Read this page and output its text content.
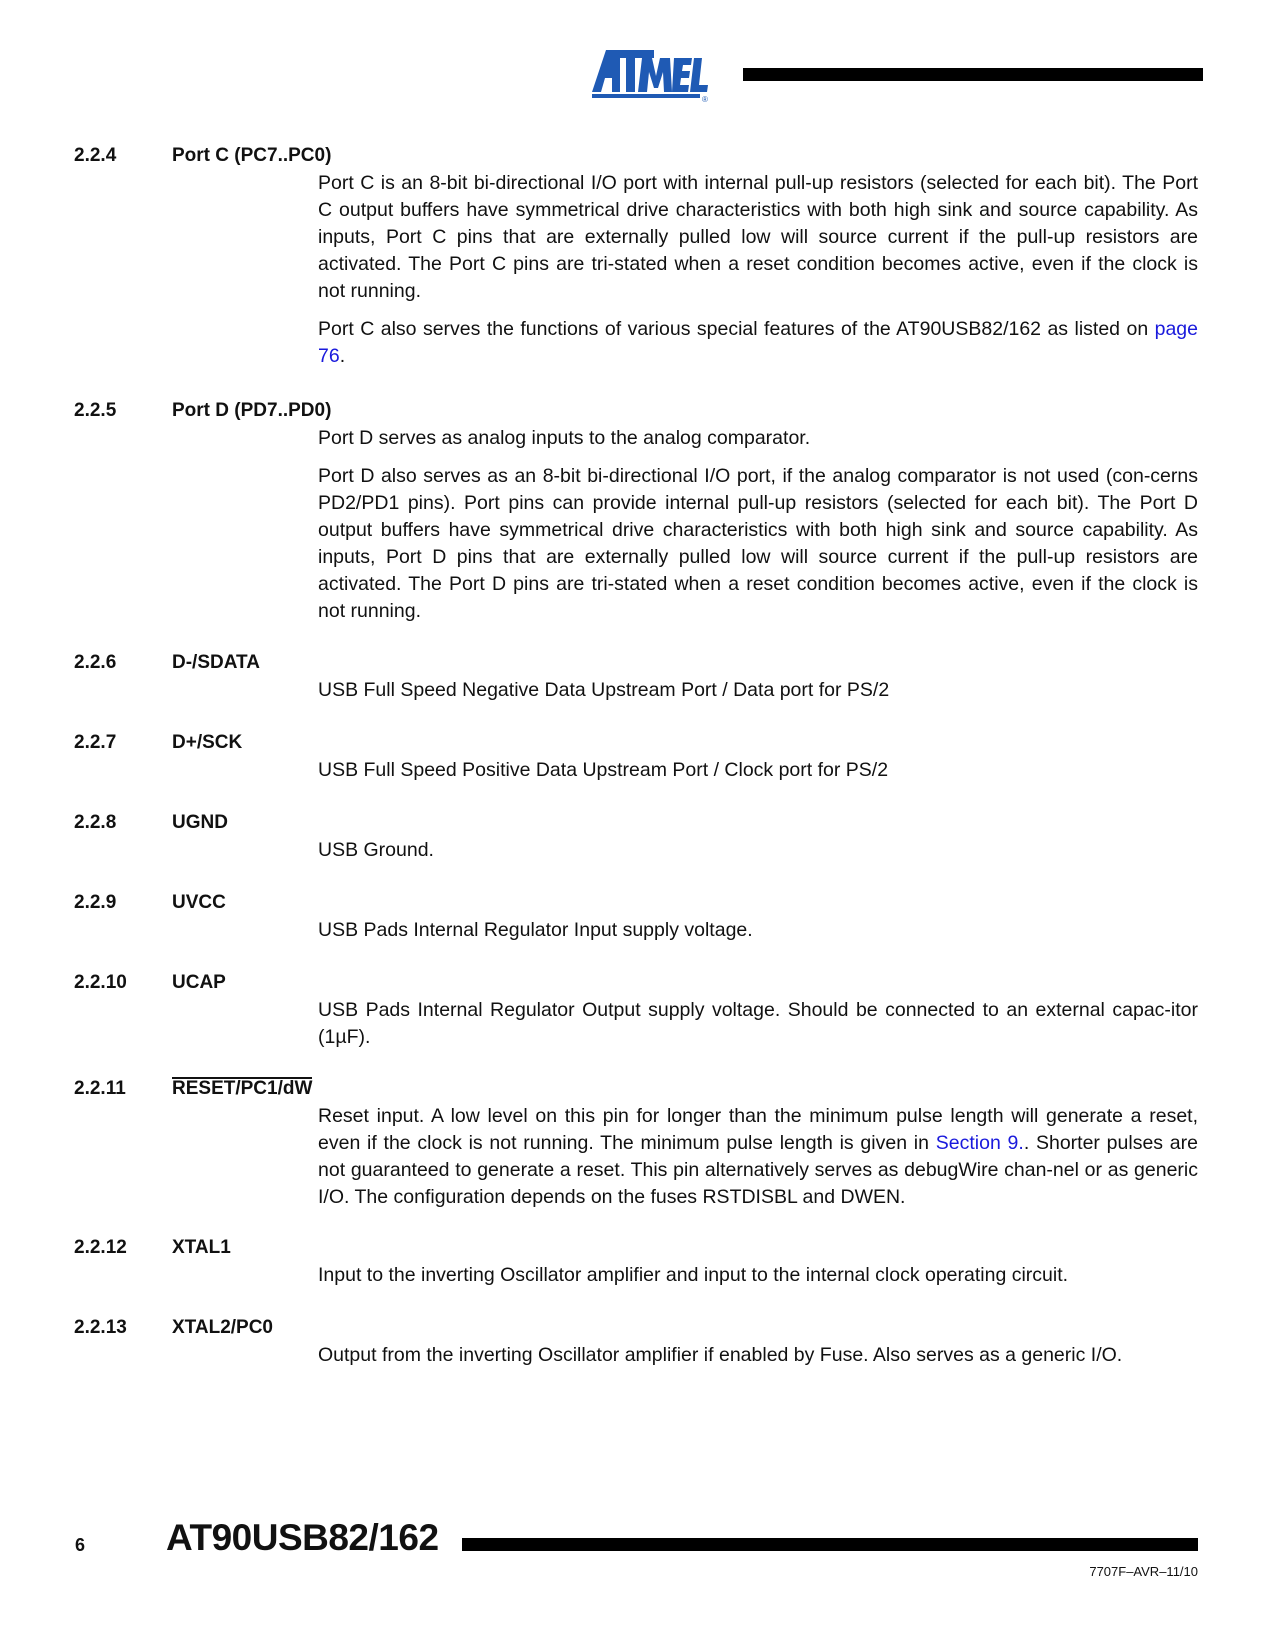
®
2.2.4	Port C (PC7..PC0)

Port C is an 8-bit bi-directional I/O port with internal pull-up resistors (selected for each bit). The Port C output buffers have symmetrical drive characteristics with both high sink and source capability. As inputs, Port C pins that are externally pulled low will source current if the pull-up resistors are activated. The Port C pins are tri-stated when a reset condition becomes active, even if the clock is not running.

Port C also serves the functions of various special features of the AT90USB82/162 as listed on page 76.

2.2.5	Port D (PD7..PD0)

Port D serves as analog inputs to the analog comparator.

Port D also serves as an 8-bit bi-directional I/O port, if the analog comparator is not used (con-cerns PD2/PD1 pins). Port pins can provide internal pull-up resistors (selected for each bit). The Port D output buffers have symmetrical drive characteristics with both high sink and source capability. As inputs, Port D pins that are externally pulled low will source current if the pull-up resistors are activated. The Port D pins are tri-stated when a reset condition becomes active, even if the clock is not running.

2.2.6	D-/SDATA

USB Full Speed Negative Data Upstream Port / Data port for PS/2

2.2.7	D+/SCK

USB Full Speed Positive Data Upstream Port / Clock port for PS/2

2.2.8	UGND

USB Ground.

2.2.9	UVCC

USB Pads Internal Regulator Input supply voltage.

2.2.10 UCAP

USB Pads Internal Regulator Output supply voltage. Should be connected to an external capac-itor (1µF).

2.2.11 RESET/PC1/dW

Reset input. A low level on this pin for longer than the minimum pulse length will generate a reset, even if the clock is not running. The minimum pulse length is given in Section 9.. Shorter pulses are not guaranteed to generate a reset. This pin alternatively serves as debugWire chan-nel or as generic I/O. The configuration depends on the fuses RSTDISBL and DWEN.

2.2.12 XTAL1

Input to the inverting Oscillator amplifier and input to the internal clock operating circuit.

2.2.13 XTAL2/PC0

Output from the inverting Oscillator amplifier if enabled by Fuse. Also serves as a generic I/O.

6 AT90USB82/162
7707F–AVR–11/10
